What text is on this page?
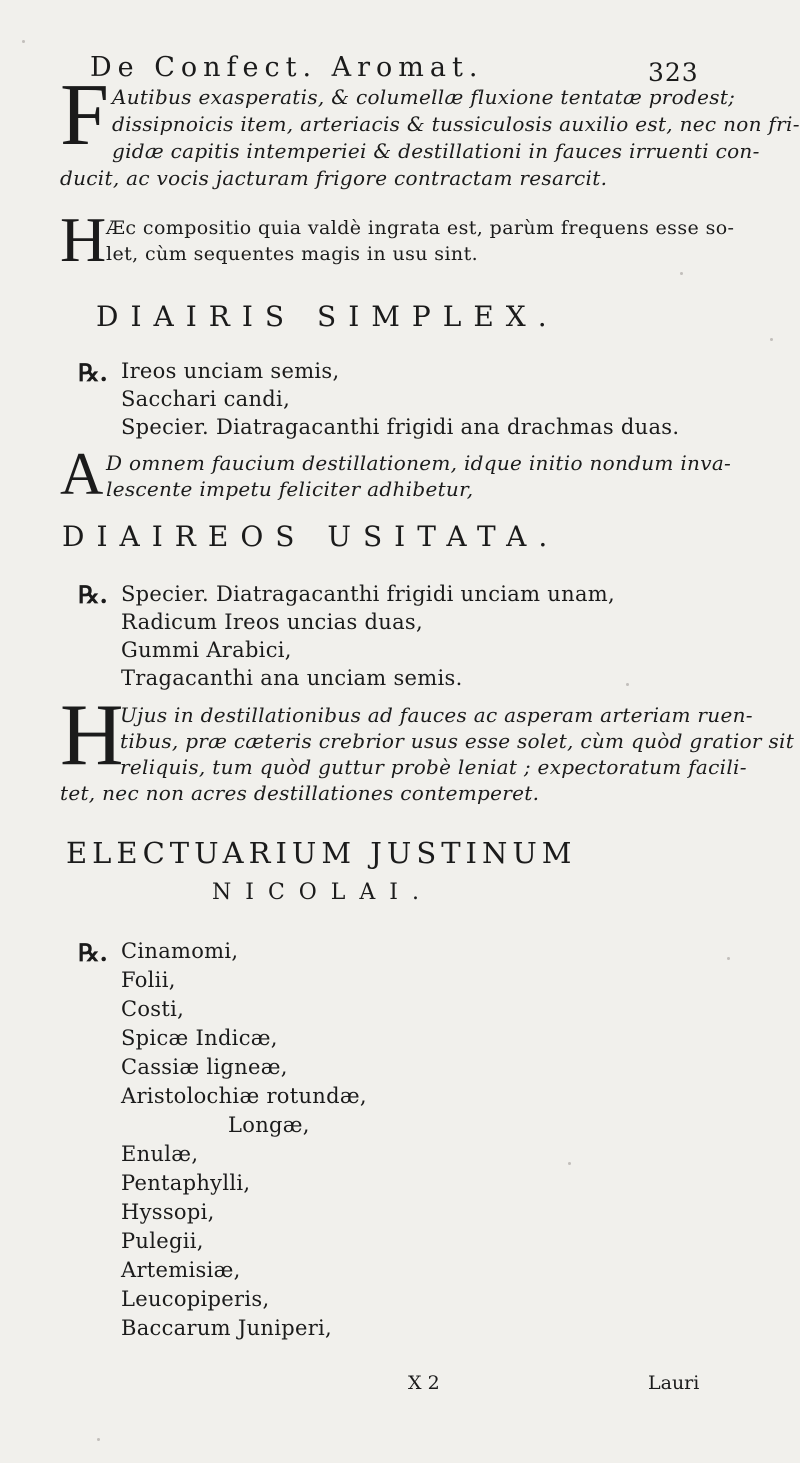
De Confect. Aromat.	323
F Autibus exasperatis, & columellæ fluxione tentatæ prodest;
dissipnoicis item, arteriacis & tussiculosis auxilio est, nec non fri-
gidæ capitis intemperiei & destillationi in fauces irruenti con-
ducit, ac vocis jacturam frigore contractam resarcit.
H Æc compositio quia valdè ingrata est, parùm frequens esse so-
let, cùm sequentes magis in usu sint.
DIAIRIS SIMPLEX.
℞. Ireos unciam semis,
Sacchari candi,
Specier. Diatragacanthi frigidi ana drachmas duas.
A D omnem faucium destillationem, idque initio nondum inva-
lescente impetu feliciter adhibetur,
DIAIREOS USITATA.
℞. Specier. Diatragacanthi frigidi unciam unam,
Radicum Ireos uncias duas,
Gummi Arabici,
Tragacanthi ana unciam semis.
H
Ujus in destillationibus ad fauces ac asperam arteriam ruen-
tibus, præ cæteris crebrior usus esse solet, cùm quòd gratior sit
reliquis, tum quòd guttur probè leniat ; expectoratum facili-
tet, nec non acres destillationes contemperet.
ELECTUARIUM JUSTINUM
NICOLAI.
℞. Cinamomi,
Folii,
Costi,
Spicæ Indicæ,
Cassiæ ligneæ,
Aristolochiæ rotundæ,
Longæ,
Enulæ,
Pentaphylli,
Hyssopi,
Pulegii,
Artemisiæ,
Leucopiperis,
Baccarum Juniperi,
X 2	Lauri
